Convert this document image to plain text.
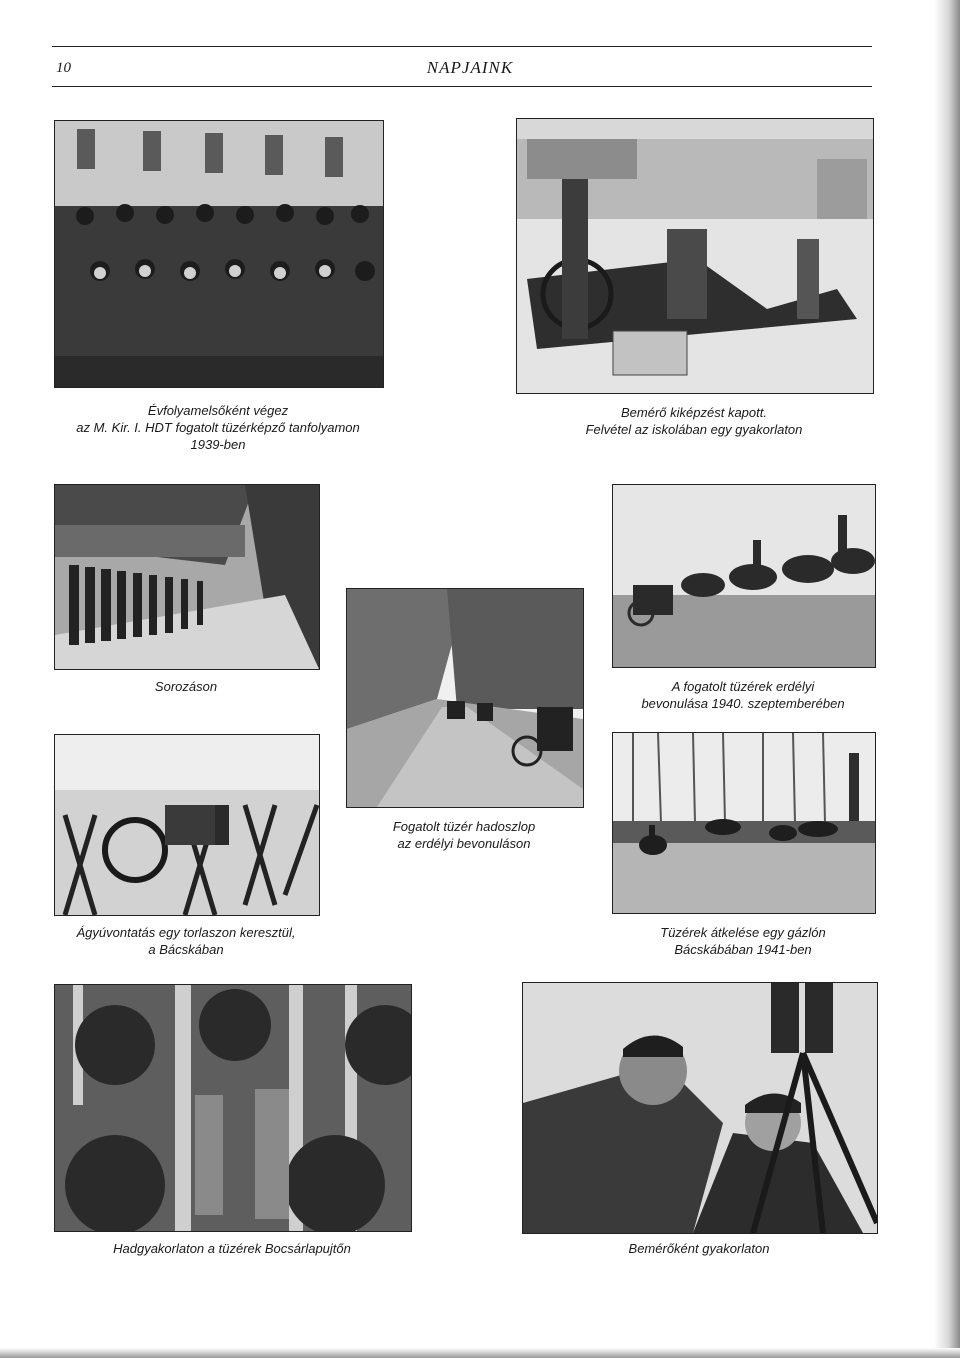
10	NAPJAINK
Évfolyamelsőként végez
az M. Kir. I. HDT fogatolt tüzérképző tanfolyamon
1939-ben
Bemérő kiképzést kapott.
Felvétel az iskolában egy gyakorlaton
Sorozáson	A fogatolt tüzérek erdélyi
bevonulása 1940. szeptemberében
Fogatolt tüzér hadoszlop
az erdélyi bevonuláson
Ágyúvontatás egy torlaszon keresztül,
a Bácskában
Tüzérek átkelése egy gázlón
Bácskábában 1941-ben
Hadgyakorlaton a tüzérek Bocsárlapujtőn	Bemérőként gyakorlaton
